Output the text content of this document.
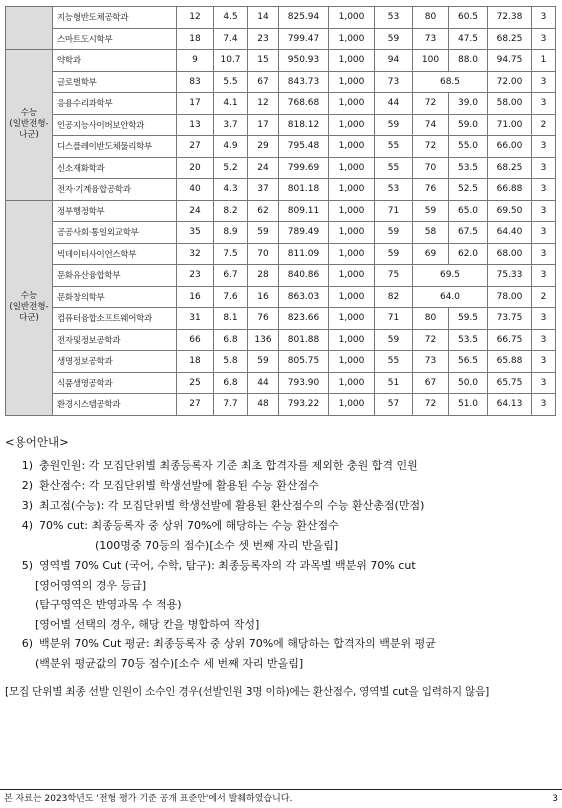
	지능형반도체공학과	12	4.5	14	825.94	1,000	53	80	60.5	72.38	3
	스마트도시학부	18	7.4	23	799.47	1,000	59	73	47.5	68.25	3
수능
(일반전형-
나군)	약학과	9	10.7	15	950.93	1,000	94	100	88.0	94.75	1
	글로벌학부	83	5.5	67	843.73	1,000	73	68.5		72.00	3
	응용수리과학부	17	4.1	12	768.68	1,000	44	72	39.0	58.00	3
	인공지능사이버보안학과	13	3.7	17	818.12	1,000	59	74	59.0	71.00	2
	디스플레이반도체물리학부	27	4.9	29	795.48	1,000	55	72	55.0	66.00	3
	신소재화학과	20	5.2	24	799.69	1,000	55	70	53.5	68.25	3
	전자·기계융합공학과	40	4.3	37	801.18	1,000	53	76	52.5	66.88	3
수능
(일반전형-
다군)	정부행정학부	24	8.2	62	809.11	1,000	71	59	65.0	69.50	3
	공공사회·통일외교학부	35	8.9	59	789.49	1,000	59	58	67.5	64.40	3
	빅데이터사이언스학부	32	7.5	70	811.09	1,000	59	69	62.0	68.00	3
	문화유산융합학부	23	6.7	28	840.86	1,000	75	69.5		75.33	3
	문화창의학부	16	7.6	16	863.03	1,000	82	64.0		78.00	2
	컴퓨터융합소프트웨어학과	31	8.1	76	823.66	1,000	71	80	59.5	73.75	3
	전자및정보공학과	66	6.8	136	801.88	1,000	59	72	53.5	66.75	3
	생명정보공학과	18	5.8	59	805.75	1,000	55	73	56.5	65.88	3
	식품생명공학과	25	6.8	44	793.90	1,000	51	67	50.0	65.75	3
	환경시스템공학과	27	7.7	48	793.22	1,000	57	72	51.0	64.13	3
<용어안내>
1) 충원인원: 각 모집단위별 최종등록자 기준 최초 합격자를 제외한 충원 합격 인원
2) 환산점수: 각 모집단위별 학생선발에 활용된 수능 환산점수
3) 최고점(수능): 각 모집단위별 학생선발에 활용된 환산점수의 수능 환산총점(만점)
4) 70% cut: 최종등록자 중 상위 70%에 해당하는 수능 환산점수
(100명중 70등의 점수)[소수 셋 번째 자리 반올림]
5) 영역별 70% Cut (국어, 수학, 탐구): 최종등록자의 각 과목별 백분위 70% cut
[영어영역의 경우 등급]
(탐구영역은 반영과목 수 적용)
[영어별 선택의 경우, 해당 칸을 병합하여 작성]
6) 백분위 70% Cut 평균: 최종등록자 중 상위 70%에 해당하는 합격자의 백분위 평균
(백분위 평균값의 70등 점수)[소수 세 번째 자리 반올림]
[모집 단위별 최종 선발 인원이 소수인 경우(선발인원 3명 이하)에는 환산점수, 영역별 cut을 입력하지 않음]
본 자료는 2023학년도 '전형 평가 기준 공개 표준안'에서 발췌하였습니다.	3
